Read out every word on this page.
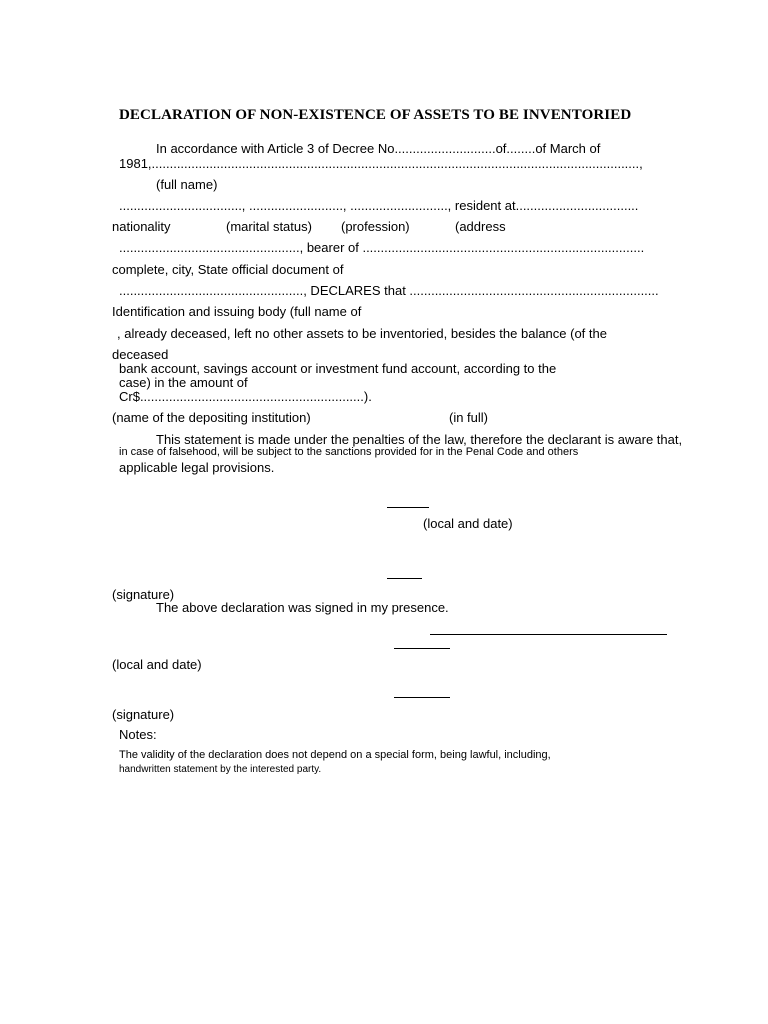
DECLARATION OF NON-EXISTENCE OF ASSETS TO BE INVENTORIED
In accordance with Article 3 of Decree No............................of........of March of
1981,.......................................................................................................................................,
(full name)
.................................., .........................., ..........................., resident at..................................
nationality	(marital status) (profession)	(address
.................................................., bearer of ..............................................................................
complete, city, State official document of
..................................................., DECLARES that .....................................................................
Identification and issuing body (full name of
, already deceased, left no other assets to be inventoried, besides the balance (of the
deceased
bank account, savings account or investment fund account, according to the
case) in the amount of
Cr$..............................................................).
(name of the depositing institution)	(in full)
This statement is made under the penalties of the law, therefore the declarant is aware that,
in case of falsehood, will be subject to the sanctions provided for in the Penal Code and others
applicable legal provisions.
(local and date)
(signature)
The above declaration was signed in my presence.
(local and date)
(signature)
Notes:
The validity of the declaration does not depend on a special form, being lawful, including,
handwritten statement by the interested party.
